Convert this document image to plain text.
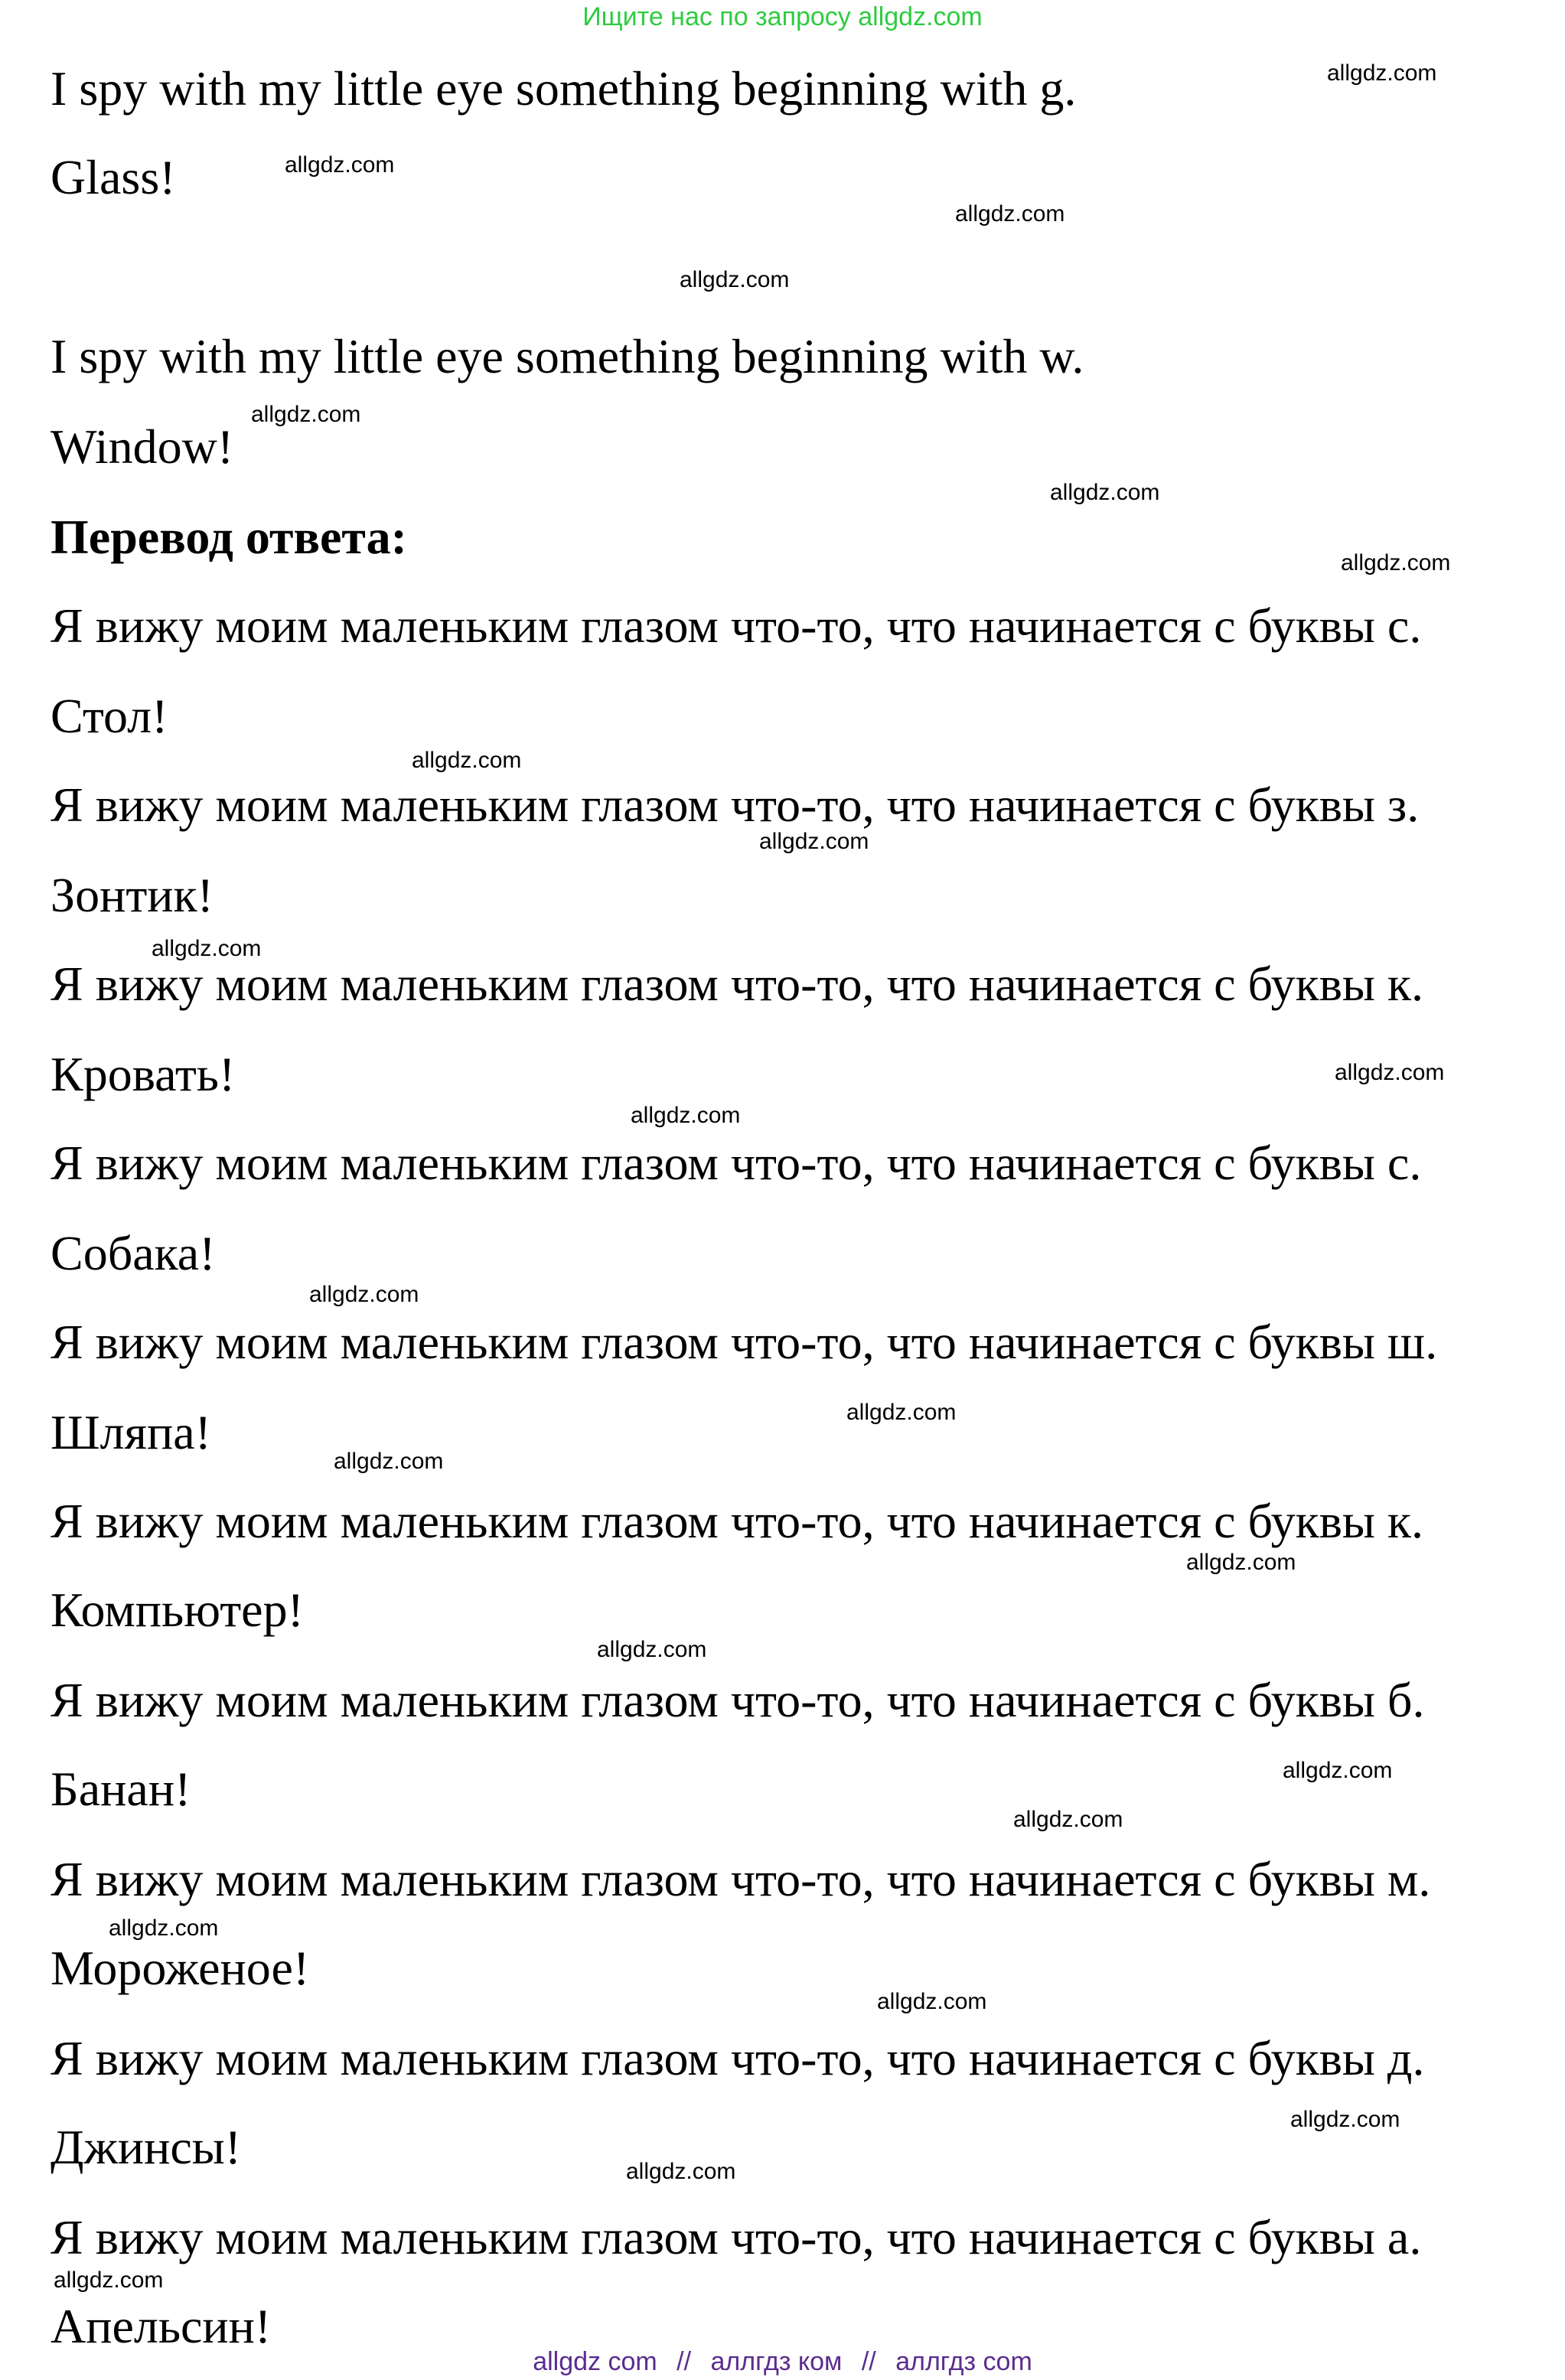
Ищите нас по запросу allgdz.com
I spy with my little eye something beginning with g.
Glass!
I spy with my little eye something beginning with w.
Window!
Перевод ответа:
Я вижу моим маленьким глазом что-то, что начинается с буквы с.
Стол!
Я вижу моим маленьким глазом что-то, что начинается с буквы з.
Зонтик!
Я вижу моим маленьким глазом что-то, что начинается с буквы к.
Кровать!
Я вижу моим маленьким глазом что-то, что начинается с буквы с.
Собака!
Я вижу моим маленьким глазом что-то, что начинается с буквы ш.
Шляпа!
Я вижу моим маленьким глазом что-то, что начинается с буквы к.
Компьютер!
Я вижу моим маленьким глазом что-то, что начинается с буквы б.
Банан!
Я вижу моим маленьким глазом что-то, что начинается с буквы м.
Мороженое!
Я вижу моим маленьким глазом что-то, что начинается с буквы д.
Джинсы!
Я вижу моим маленьким глазом что-то, что начинается с буквы а.
Апельсин!
allgdz.com
allgdz.com
allgdz.com
allgdz.com
allgdz.com
allgdz.com
allgdz.com
allgdz.com
allgdz.com
allgdz.com
allgdz.com
allgdz.com
allgdz.com
allgdz.com
allgdz.com
allgdz.com
allgdz.com
allgdz.com
allgdz.com
allgdz.com
allgdz.com
allgdz.com
allgdz.com
allgdz.com
allgdz com // аллгдз ком // аллгдз com
